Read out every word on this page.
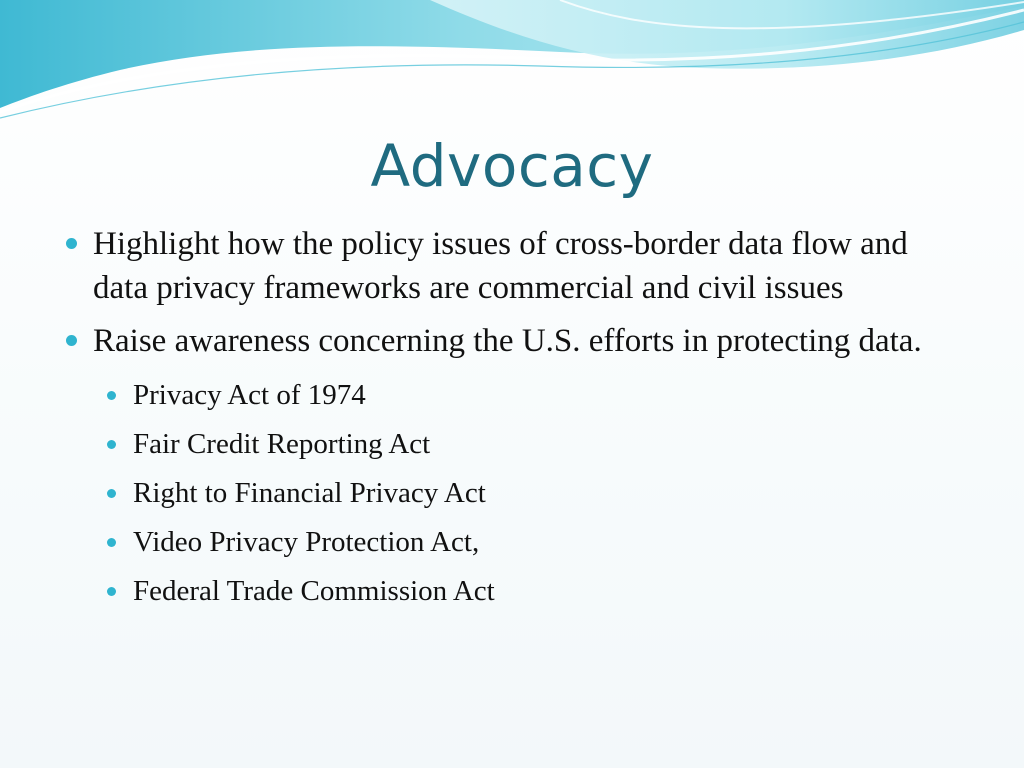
Advocacy
Highlight how the policy issues of cross-border data flow and data privacy frameworks are commercial and civil issues
Raise awareness concerning the U.S. efforts in protecting data.
Privacy Act of 1974
Fair Credit Reporting Act
Right to Financial Privacy Act
Video Privacy Protection Act,
Federal Trade Commission Act
